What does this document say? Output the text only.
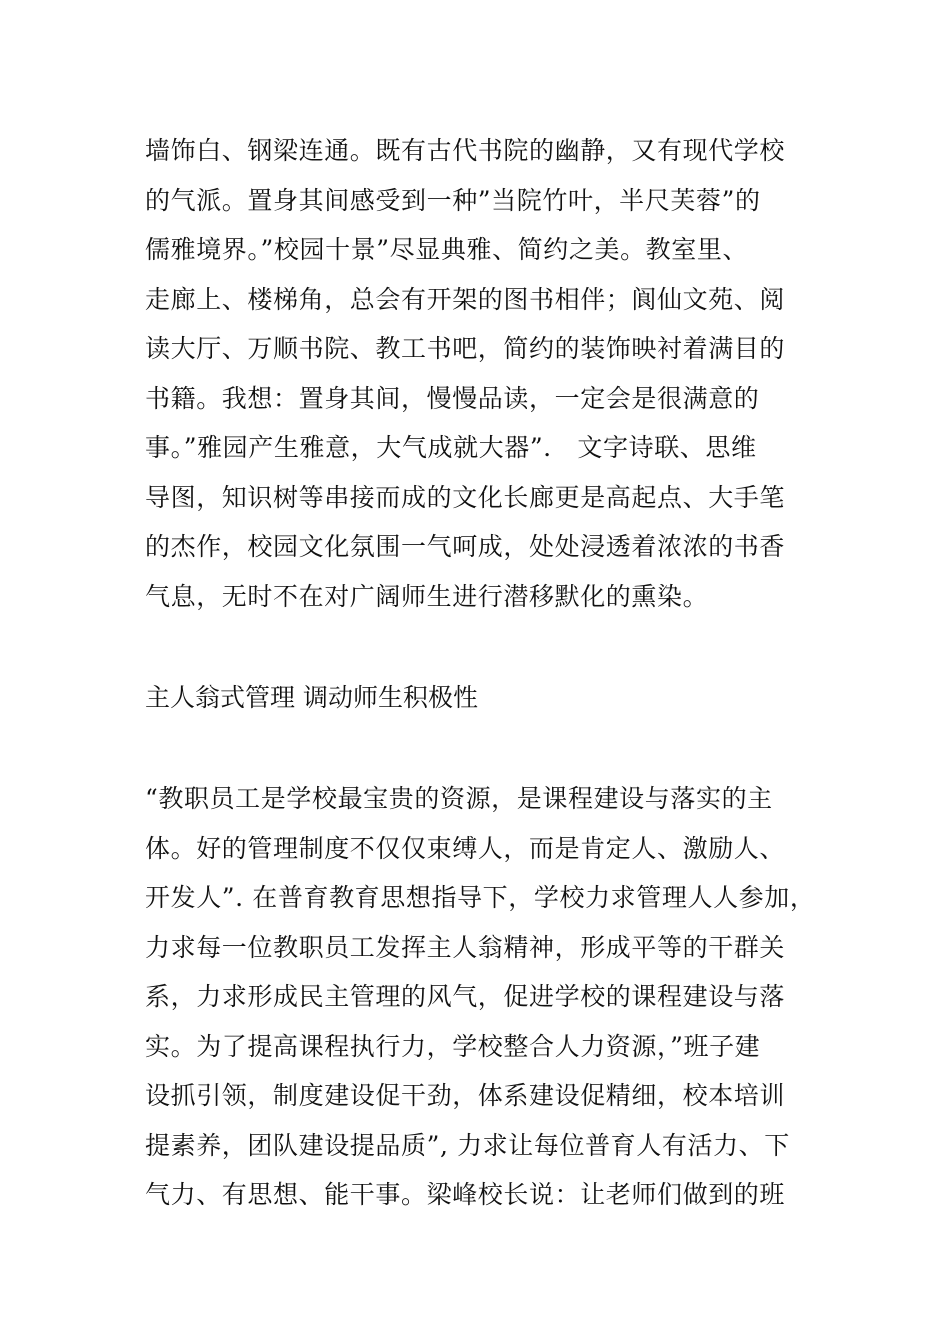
墙饰白、钢梁连通。既有古代书院的幽静，又有现代学校
的气派。置身其间感受到一种”当院竹叶，半尺芙蓉”的
儒雅境界。”校园十景”尽显典雅、简约之美。教室里、
走廊上、楼梯角，总会有开架的图书相伴；阆仙文苑、阅
读大厅、万顺书院、教工书吧，简约的装饰映衬着满目的
书籍。我想：置身其间，慢慢品读，一定会是很满意的
事。”雅园产生雅意，大气成就大器”． 文字诗联、思维
导图，知识树等串接而成的文化长廊更是高起点、大手笔
的杰作，校园文化氛围一气呵成，处处浸透着浓浓的书香
气息，无时不在对广阔师生进行潜移默化的熏染。
主人翁式管理 调动师生积极性
“教职员工是学校最宝贵的资源，是课程建设与落实的主
体。好的管理制度不仅仅束缚人，而是肯定人、激励人、
开发人”. 在普育教育思想指导下，学校力求管理人人参加，
力求每一位教职员工发挥主人翁精神，形成平等的干群关
系，力求形成民主管理的风气，促进学校的课程建设与落
实。为了提高课程执行力，学校整合人力资源，”班子建
设抓引领，制度建设促干劲，体系建设促精细，校本培训
提素养，团队建设提品质”, 力求让每位普育人有活力、下
气力、有思想、能干事。梁峰校长说：让老师们做到的班
